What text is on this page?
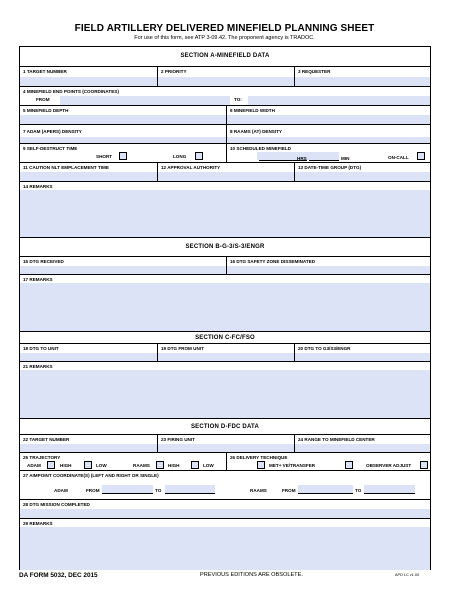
FIELD ARTILLERY DELIVERED MINEFIELD PLANNING SHEET
For use of this form, see ATP 3-09.42. The proponent agency is TRADOC.
SECTION A-MINEFIELD DATA
1 TARGET NUMBER	2 PRIORITY	3 REQUESTER
4 MINEFIELD END POINTS (COORDINATES)
FROM	TO:
5 MINEFIELD DEPTH	6 MINEFIELD WIDTH
7 ADAM (APERS) DENSITY	8 RAAMS (AT) DENSITY
9 SELF-DESTRUCT TIME
SHORT	LONG
10 SCHEDULED MINEFIELD
HRS	MIN	ON-CALL
11 CAUTION NLT EMPLACEMENT TIME	12 APPROVAL AUTHORITY	13 DATE-TIME GROUP (DTG)
14 REMARKS
SECTION B-G-3/S-3/ENGR
15 DTG RECEIVED	16 DTG SAFETY ZONE DISSEMINATED
17 REMARKS
SECTION C-FC/FSO
18 DTG TO UNIT	19 DTG FROM UNIT	20 DTG TO G3/S3/ENGR
21 REMARKS
SECTION D-FDC DATA
22 TARGET NUMBER	23 FIRING UNIT	24 RANGE TO MINEFIELD CENTER
25 TRAJECTORY
ADAM	HIGH	LOW	RAAMS	HIGH	LOW
26 DELIVERY TECHNIQUE
MET+ VE/TRANSFER	OBSERVER ADJUST
27 AIMPOINT COORDINATE(S) (LEFT AND RIGHT OR SINGLE)
ADAM	FROM	TO	RAAMS	FROM	TO
28 DTG MISSION COMPLETED
29 REMARKS
DA FORM 5032, DEC 2015	PREVIOUS EDITIONS ARE OBSOLETE.	APD LC v1.00
